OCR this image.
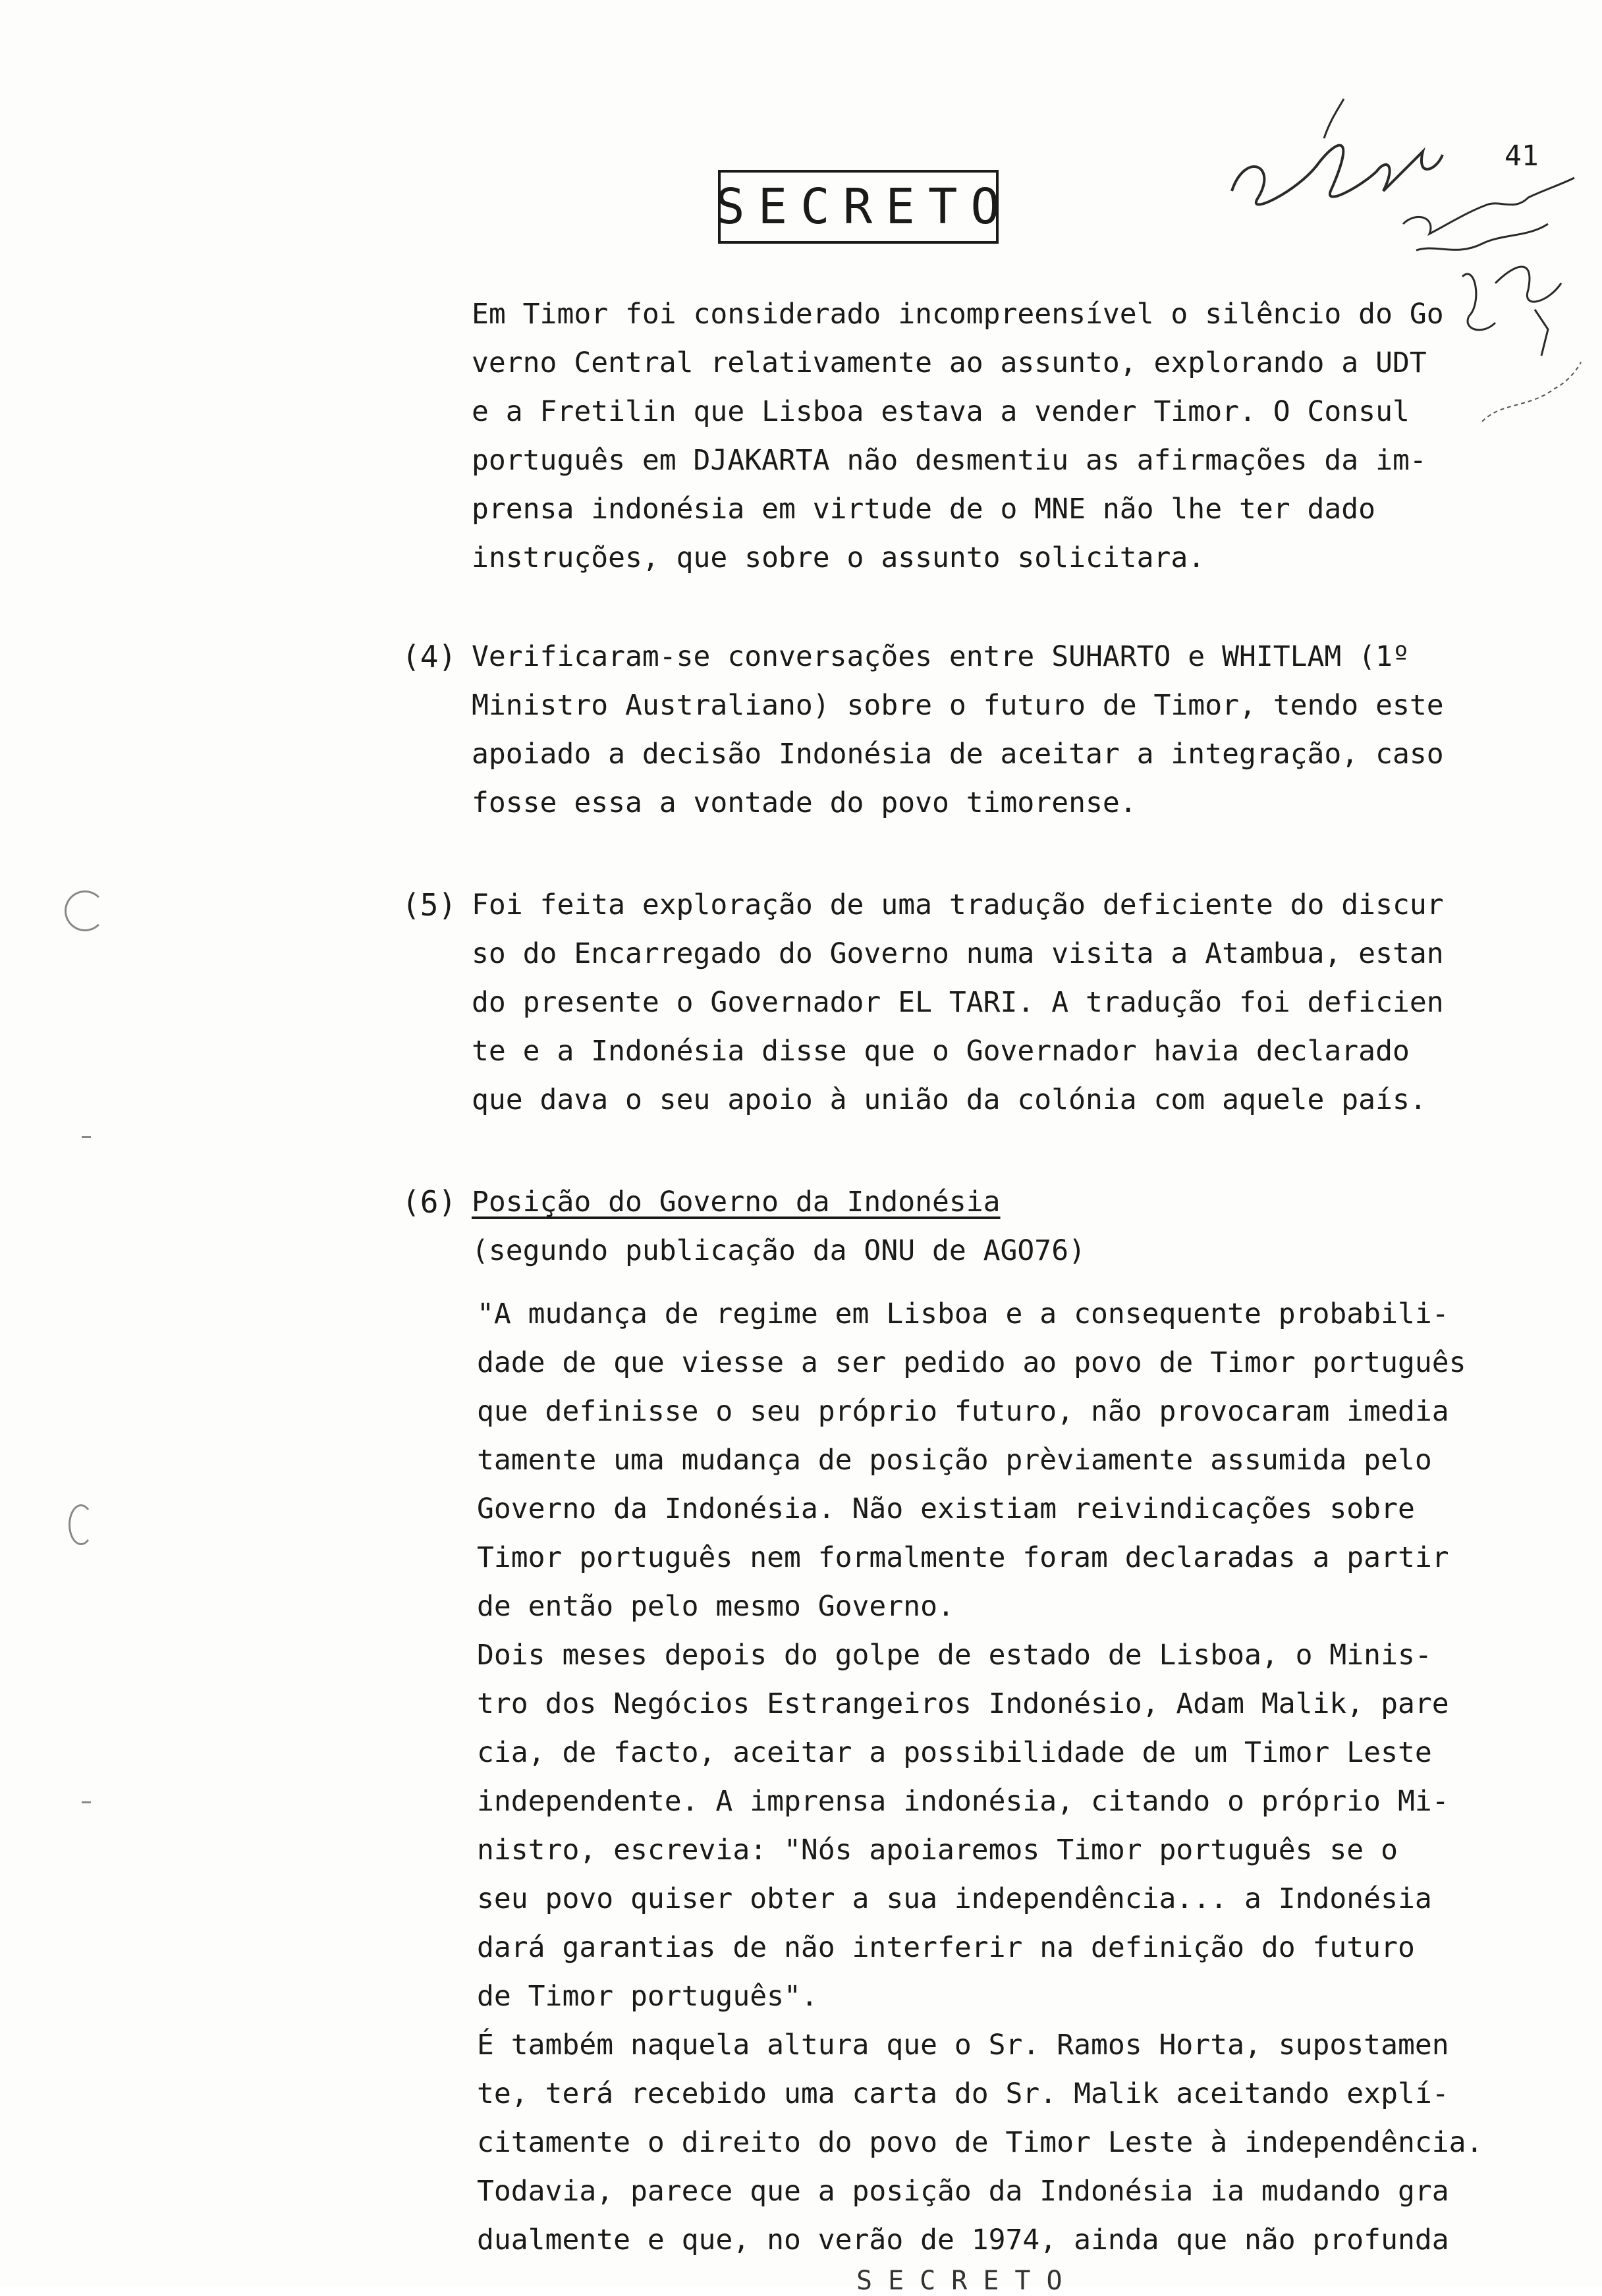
SECRETO
41
Em Timor foi considerado incompreensível o silêncio do Go
verno Central relativamente ao assunto, explorando a UDT
e a Fretilin que Lisboa estava a vender Timor. O Consul
português em DJAKARTA não desmentiu as afirmações da im-
prensa indonésia em virtude de o MNE não lhe ter dado
instruções, que sobre o assunto solicitara.
(4) Verificaram-se conversações entre SUHARTO e WHITLAM (1º
Ministro Australiano) sobre o futuro de Timor, tendo este
apoiado a decisão Indonésia de aceitar a integração, caso
fosse essa a vontade do povo timorense.
(5) Foi feita exploração de uma tradução deficiente do discur
so do Encarregado do Governo numa visita a Atambua, estan
do presente o Governador EL TARI. A tradução foi deficien
te e a Indonésia disse que o Governador havia declarado
que dava o seu apoio à união da colónia com aquele país.
(6) Posição do Governo da Indonésia
(segundo publicação da ONU de AGO76)
"A mudança de regime em Lisboa e a consequente probabili-
dade de que viesse a ser pedido ao povo de Timor português
que definisse o seu próprio futuro, não provocaram imedia
tamente uma mudança de posição prèviamente assumida pelo
Governo da Indonésia. Não existiam reivindicações sobre
Timor português nem formalmente foram declaradas a partir
de então pelo mesmo Governo.
Dois meses depois do golpe de estado de Lisboa, o Minis-
tro dos Negócios Estrangeiros Indonésio, Adam Malik, pare
cia, de facto, aceitar a possibilidade de um Timor Leste
independente. A imprensa indonésia, citando o próprio Mi-
nistro, escrevia: "Nós apoiaremos Timor português se o
seu povo quiser obter a sua independência... a Indonésia
dará garantias de não interferir na definição do futuro
de Timor português".
É também naquela altura que o Sr. Ramos Horta, supostamen
te, terá recebido uma carta do Sr. Malik aceitando explí-
citamente o direito do povo de Timor Leste à independência.
Todavia, parece que a posição da Indonésia ia mudando gra
dualmente e que, no verão de 1974, ainda que não profunda
SECRETO
